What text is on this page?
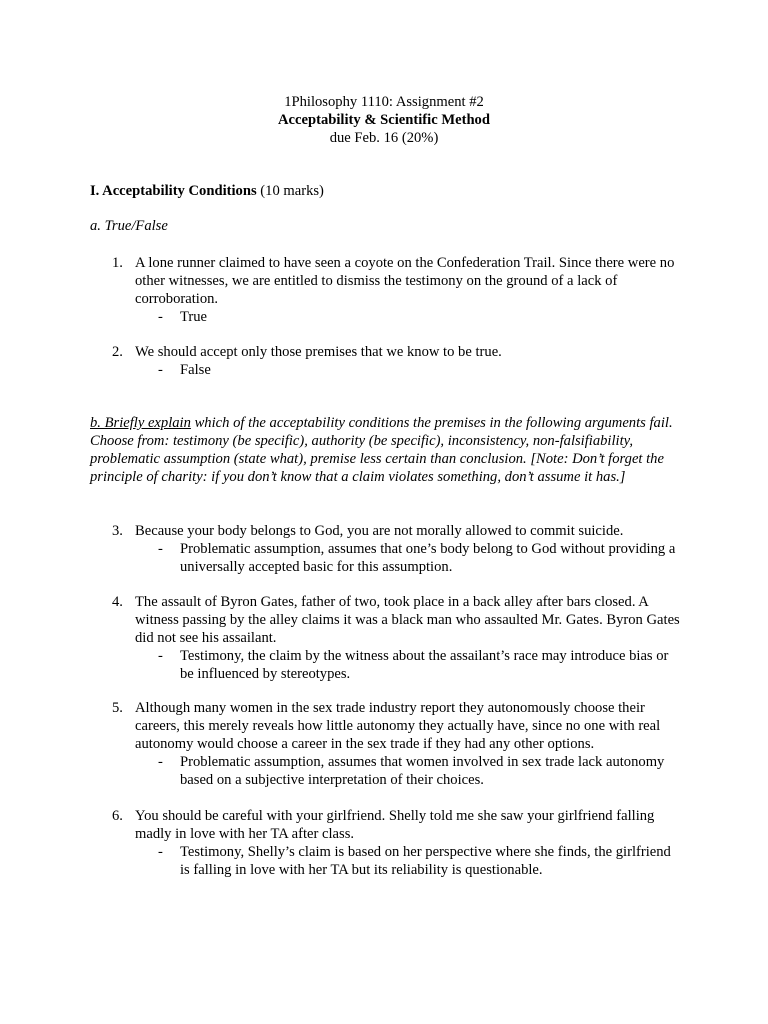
1Philosophy 1110: Assignment #2
Acceptability & Scientific Method
due Feb. 16 (20%)
I. Acceptability Conditions (10 marks)
a. True/False
1. A lone runner claimed to have seen a coyote on the Confederation Trail. Since there were no other witnesses, we are entitled to dismiss the testimony on the ground of a lack of corroboration.
- True
2. We should accept only those premises that we know to be true.
- False
b. Briefly explain which of the acceptability conditions the premises in the following arguments fail. Choose from: testimony (be specific), authority (be specific), inconsistency, non-falsifiability, problematic assumption (state what), premise less certain than conclusion. [Note: Don’t forget the principle of charity: if you don’t know that a claim violates something, don’t assume it has.]
3. Because your body belongs to God, you are not morally allowed to commit suicide.
- Problematic assumption, assumes that one’s body belong to God without providing a universally accepted basic for this assumption.
4. The assault of Byron Gates, father of two, took place in a back alley after bars closed. A witness passing by the alley claims it was a black man who assaulted Mr. Gates. Byron Gates did not see his assailant.
- Testimony, the claim by the witness about the assailant’s race may introduce bias or be influenced by stereotypes.
5. Although many women in the sex trade industry report they autonomously choose their careers, this merely reveals how little autonomy they actually have, since no one with real autonomy would choose a career in the sex trade if they had any other options.
- Problematic assumption, assumes that women involved in sex trade lack autonomy based on a subjective interpretation of their choices.
6. You should be careful with your girlfriend. Shelly told me she saw your girlfriend falling madly in love with her TA after class.
- Testimony, Shelly’s claim is based on her perspective where she finds, the girlfriend is falling in love with her TA but its reliability is questionable.
